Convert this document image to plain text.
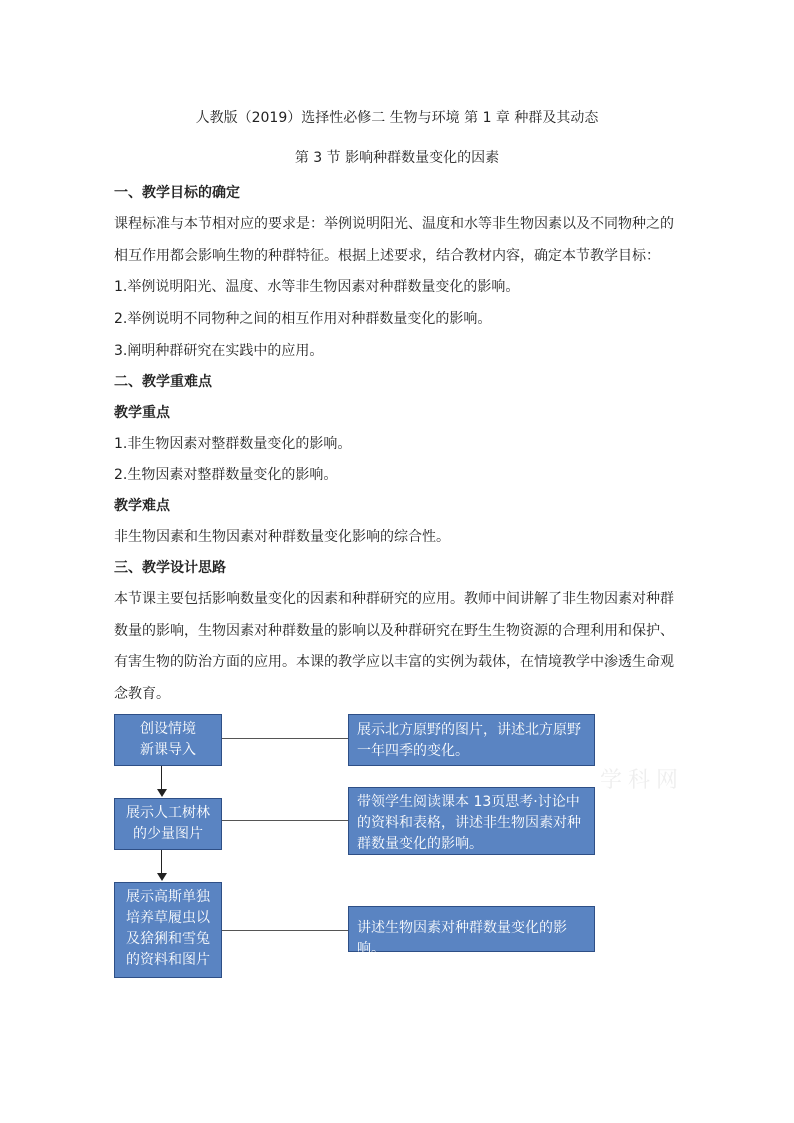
人教版（2019）选择性必修二 生物与环境 第 1 章 种群及其动态
第 3 节 影响种群数量变化的因素

一、教学目标的确定

课程标准与本节相对应的要求是：举例说明阳光、温度和水等非生物因素以及不同物种之的相互作用都会影响生物的种群特征。根据上述要求，结合教材内容，确定本节教学目标：

1.举例说明阳光、温度、水等非生物因素对种群数量变化的影响。

2.举例说明不同物种之间的相互作用对种群数量变化的影响。

3.阐明种群研究在实践中的应用。

二、教学重难点

教学重点

1.非生物因素对整群数量变化的影响。

2.生物因素对整群数量变化的影响。

教学难点

非生物因素和生物因素对种群数量变化影响的综合性。

三、教学设计思路

本节课主要包括影响数量变化的因素和种群研究的应用。教师中间讲解了非生物因素对种群数量的影响，生物因素对种群数量的影响以及种群研究在野生生物资源的合理利用和保护、有害生物的防治方面的应用。本课的教学应以丰富的实例为载体，在情境教学中渗透生命观念教育。

创设情境
新课导入
展示人工树林
的少量图片
展示高斯单独
培养草履虫以
及猞猁和雪兔
的资料和图片
展示北方原野的图片，讲述北方原野一年四季的变化。
带领学生阅读课本 13页思考·讨论中的资料和表格，讲述非生物因素对种群数量变化的影响。
讲述生物因素对种群数量变化的影响。
学科网
